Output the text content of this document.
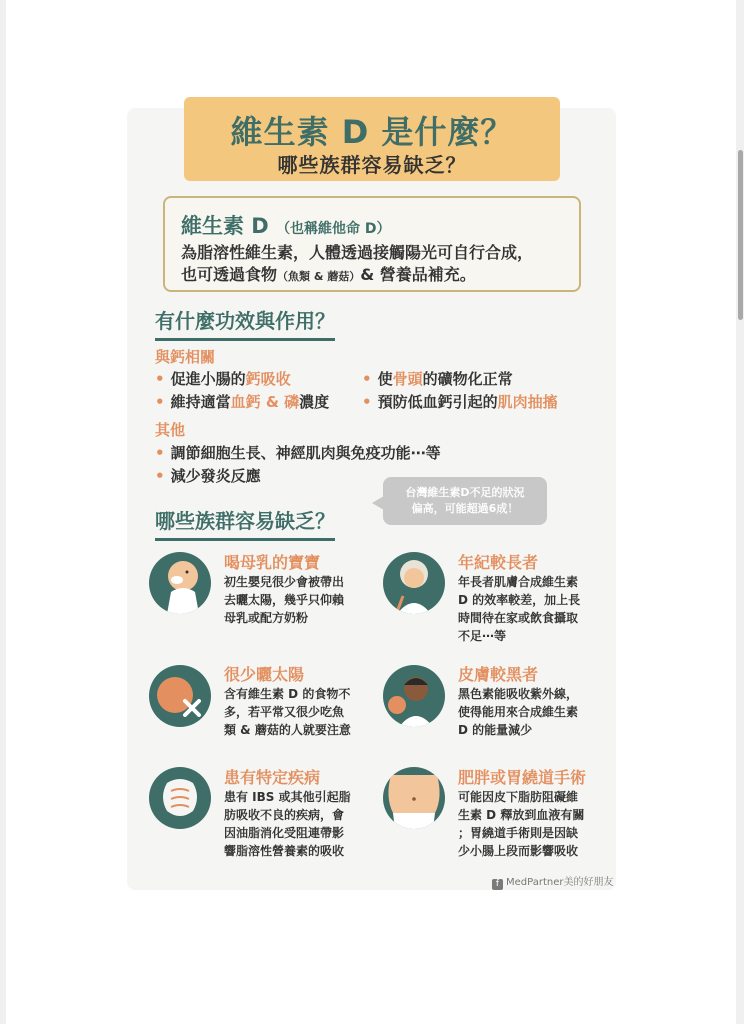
維生素 D 是什麼？
哪些族群容易缺乏？
維生素 D （也稱維他命 D）
為脂溶性維生素，人體透過接觸陽光可自行合成，
也可透過食物（魚類 & 蘑菇）& 營養品補充。
有什麼功效與作用？
與鈣相關
• 促進小腸的鈣吸收	• 使骨頭的礦物化正常
• 維持適當血鈣 & 磷濃度 • 預防低血鈣引起的肌肉抽搐
其他
• 調節細胞生長、神經肌肉與免疫功能⋯等
• 減少發炎反應
哪些族群容易缺乏？
台灣維生素D不足的狀況
偏高，可能超過6成！
喝母乳的寶寶
初生嬰兒很少會被帶出
去曬太陽，幾乎只仰賴
母乳或配方奶粉
年紀較長者
年長者肌膚合成維生素
D 的效率較差，加上長
時間待在家或飲食攝取
不足⋯等
很少曬太陽
含有維生素 D 的食物不
多，若平常又很少吃魚
類 & 蘑菇的人就要注意
皮膚較黑者
黑色素能吸收紫外線，
使得能用來合成維生素
D 的能量減少
患有特定疾病
患有 IBS 或其他引起脂
肪吸收不良的疾病，會
因油脂消化受阻連帶影
響脂溶性營養素的吸收
肥胖或胃繞道手術
可能因皮下脂肪阻礙維
生素 D 釋放到血液有關
；胃繞道手術則是因缺
少小腸上段而影響吸收
f MedPartner美的好朋友
